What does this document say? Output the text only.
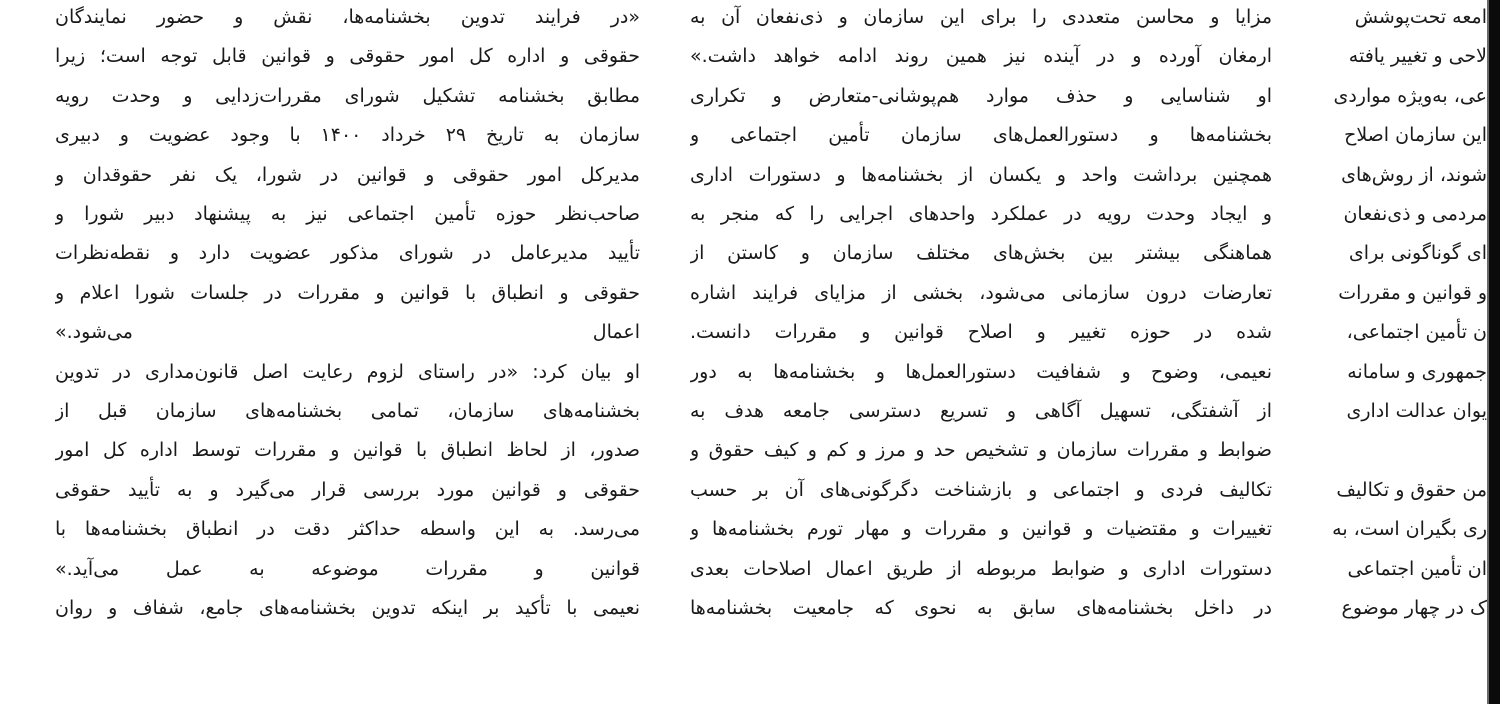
«در فرایند تدوین بخشنامه‌ها، نقش و حضور نمایندگان
حقوقی و اداره کل امور حقوقی و قوانین قابل توجه است؛ زیرا
مطابق بخشنامه تشکیل شورای مقررات‌زدایی و وحدت رویه
سازمان به تاریخ ۲۹ خرداد ۱۴۰۰ با وجود عضویت و دبیری
مدیرکل امور حقوقی و قوانین در شورا، یک نفر حقوقدان و
صاحب‌نظر حوزه تأمین اجتماعی نیز به پیشنهاد دبیر شورا و
تأیید مدیرعامل در شورای مذکور عضویت دارد و نقطه‌نظرات
حقوقی و انطباق با قوانین و مقررات در جلسات شورا اعلام و
اعمال می‌شود.»
او بیان کرد: «در راستای لزوم رعایت اصل قانون‌مداری در تدوین
بخشنامه‌های سازمان، تمامی بخشنامه‌های سازمان قبل از
صدور، از لحاظ انطباق با قوانین و مقررات توسط اداره کل امور
حقوقی و قوانین مورد بررسی قرار می‌گیرد و به تأیید حقوقی
می‌رسد. به این واسطه حداکثر دقت در انطباق بخشنامه‌ها با
قوانین و مقررات موضوعه به عمل می‌آید.»
نعیمی با تأکید بر اینکه تدوین بخشنامه‌های جامع، شفاف و روان
مزایا و محاسن متعددی را برای این سازمان و ذی‌نفعان آن به
ارمغان آورده و در آینده نیز همین روند ادامه خواهد داشت.»
او شناسایی و حذف موارد هم‌پوشانی-متعارض و تکراری
بخشنامه‌ها و دستورالعمل‌های سازمان تأمین اجتماعی و
همچنین برداشت واحد و یکسان از بخشنامه‌ها و دستورات اداری
و ایجاد وحدت رویه در عملکرد واحدهای اجرایی را که منجر به
هماهنگی بیشتر بین بخش‌های مختلف سازمان و کاستن از
تعارضات درون سازمانی می‌شود، بخشی از مزایای فرایند اشاره
شده در حوزه تغییر و اصلاح قوانین و مقررات دانست.
نعیمی، وضوح و شفافیت دستورالعمل‌ها و بخشنامه‌ها به دور
از آشفتگی، تسهیل آگاهی و تسریع دسترسی جامعه هدف به
ضوابط و مقررات سازمان و تشخیص حد و مرز و کم و کیف حقوق و
تکالیف فردی و اجتماعی و بازشناخت دگرگونی‌های آن بر حسب
تغییرات و مقتضیات و قوانین و مقررات و مهار تورم بخشنامه‌ها و
دستورات اداری و ضوابط مربوطه از طریق اعمال اصلاحات بعدی
در داخل بخشنامه‌های سابق به نحوی که جامعیت بخشنامه‌ها
امعه تحت‌پوشش
لاحی و تغییر یافته
عی، به‌ویژه مواردی
این سازمان اصلاح
شوند، از روش‌های
مردمی و ذی‌نفعان
ای گوناگونی برای
و قوانین و مقررات
ن تأمین اجتماعی،
جمهوری و سامانه
یوان عدالت اداری
من حقوق و تکالیف
ری بگیران است، به
ان تأمین اجتماعی
ک در چهار موضوع
